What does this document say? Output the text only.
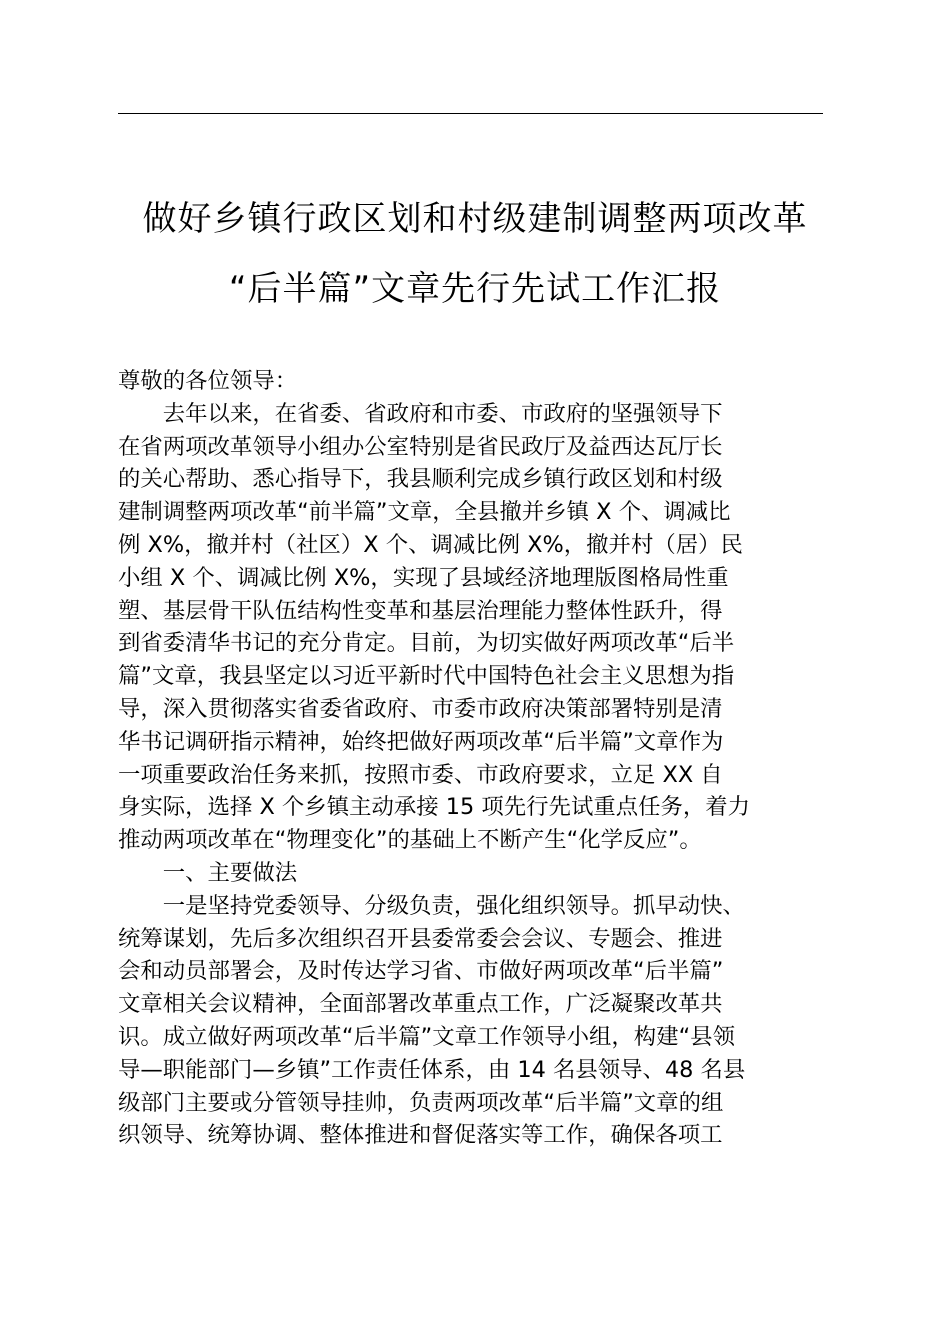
做好乡镇行政区划和村级建制调整两项改革
“后半篇”文章先行先试工作汇报
尊敬的各位领导：
　　去年以来，在省委、省政府和市委、市政府的坚强领导下
在省两项改革领导小组办公室特别是省民政厅及益西达瓦厅长
的关心帮助、悉心指导下，我县顺利完成乡镇行政区划和村级
建制调整两项改革“前半篇”文章，全县撤并乡镇 X 个、调减比
例 X%，撤并村（社区）X 个、调减比例 X%，撤并村（居）民
小组 X 个、调减比例 X%，实现了县域经济地理版图格局性重
塑、基层骨干队伍结构性变革和基层治理能力整体性跃升，得
到省委清华书记的充分肯定。目前，为切实做好两项改革“后半
篇”文章，我县坚定以习近平新时代中国特色社会主义思想为指
导，深入贯彻落实省委省政府、市委市政府决策部署特别是清
华书记调研指示精神，始终把做好两项改革“后半篇”文章作为
一项重要政治任务来抓，按照市委、市政府要求，立足 XX 自
身实际，选择 X 个乡镇主动承接 15 项先行先试重点任务，着力
推动两项改革在“物理变化”的基础上不断产生“化学反应”。
　　一、主要做法
　　一是坚持党委领导、分级负责，强化组织领导。抓早动快、
统筹谋划，先后多次组织召开县委常委会会议、专题会、推进
会和动员部署会，及时传达学习省、市做好两项改革“后半篇”
文章相关会议精神，全面部署改革重点工作，广泛凝聚改革共
识。成立做好两项改革“后半篇”文章工作领导小组，构建“县领
导—职能部门—乡镇”工作责任体系，由 14 名县领导、48 名县
级部门主要或分管领导挂帅，负责两项改革“后半篇”文章的组
织领导、统筹协调、整体推进和督促落实等工作，确保各项工
